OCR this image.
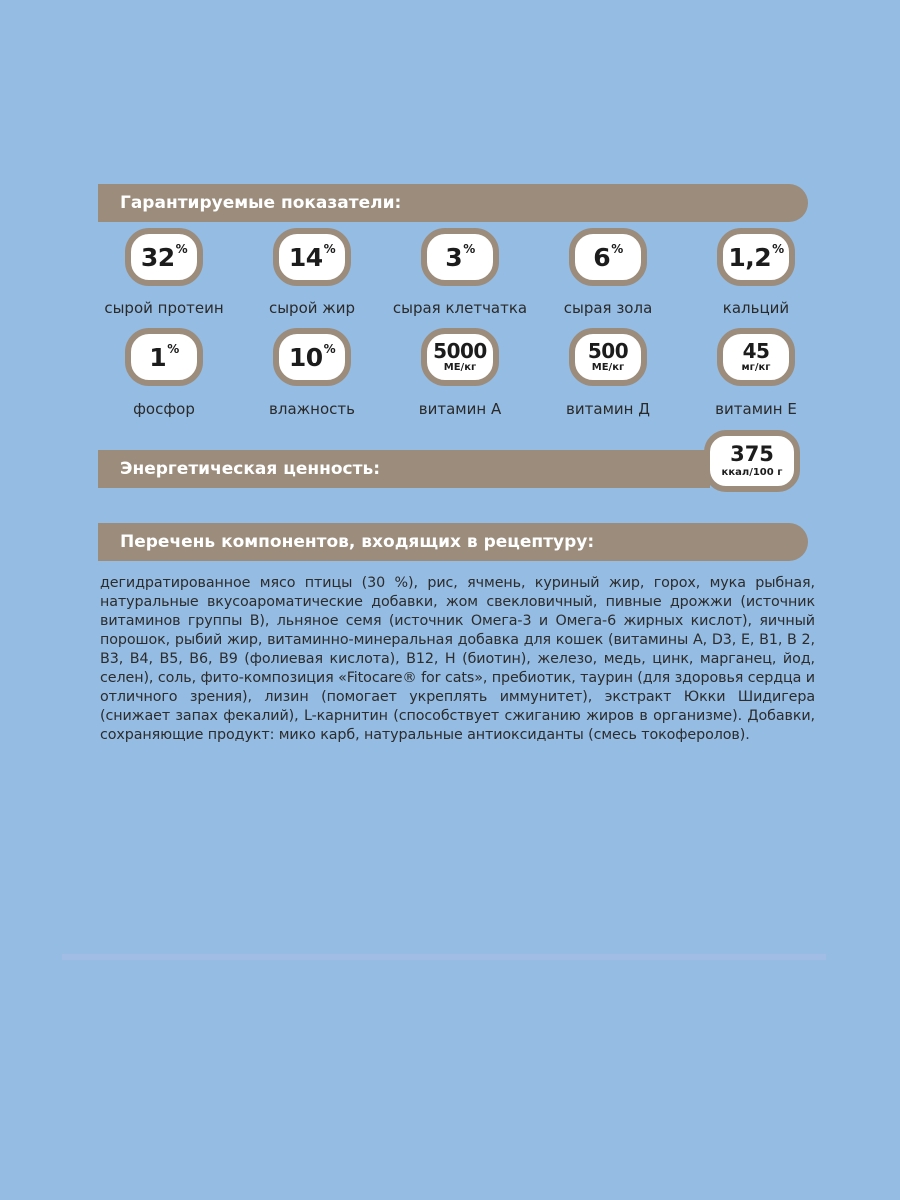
Гарантируемые показатели:
32%
сырой протеин
14%
сырой жир
3%
сырая клетчатка
6%
сырая зола
1,2%
кальций
1%
фосфор
10%
влажность
5000
МЕ/кг
витамин А
500
МЕ/кг
витамин Д
45
мг/кг
витамин Е
Энергетическая ценность:
375
ккал/100 г
Перечень компонентов, входящих в рецептуру:
дегидратированное мясо птицы (30 %), рис, ячмень, куриный жир, горох, мука рыбная, натуральные вкусоароматические добавки, жом свекловичный, пивные дрожжи (источник витаминов группы В), льняное семя (источник Омега-3 и Омега-6 жирных кислот), яичный порошок, рыбий жир, витаминно-минеральная добавка для кошек (витамины A, D3, E, B1, B 2, B3, B4, B5, B6, B9 (фолиевая кислота), B12, H (биотин), железо, медь, цинк, марганец, йод, селен), соль, фито-композиция «Fitocare® for cats», пребиотик, таурин (для здоровья сердца и отличного зрения), лизин (помогает укреплять иммунитет), экстракт Юкки Шидигера (снижает запах фекалий), L-карнитин (способствует сжиганию жиров в организме). Добавки, сохраняющие продукт: мико карб, натуральные антиоксиданты (смесь токоферолов).
